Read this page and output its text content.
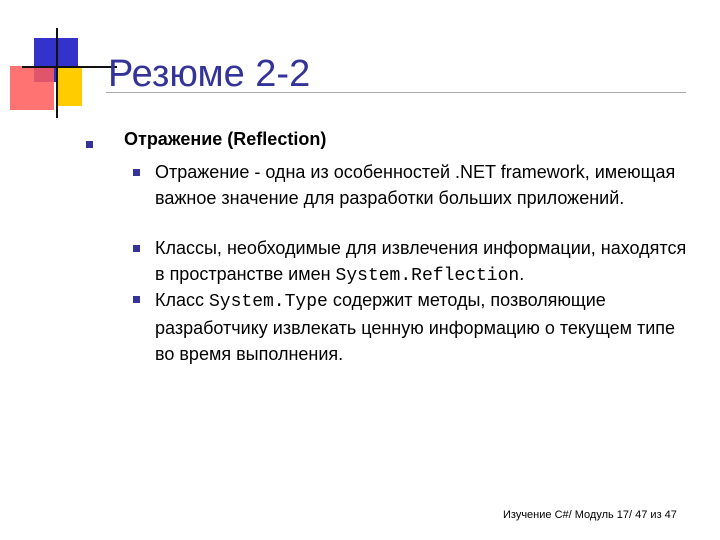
Резюме 2-2
Отражение (Reflection)
Отражение - одна из особенностей .NET framework, имеющая важное значение для разработки больших приложений.
Классы, необходимые для извлечения информации, находятся в пространстве имен System.Reflection.
Класс System.Type содержит методы, позволяющие разработчику извлекать ценную информацию о текущем типе во время выполнения.
Изучение C#/ Модуль 17/ 47 из 47
